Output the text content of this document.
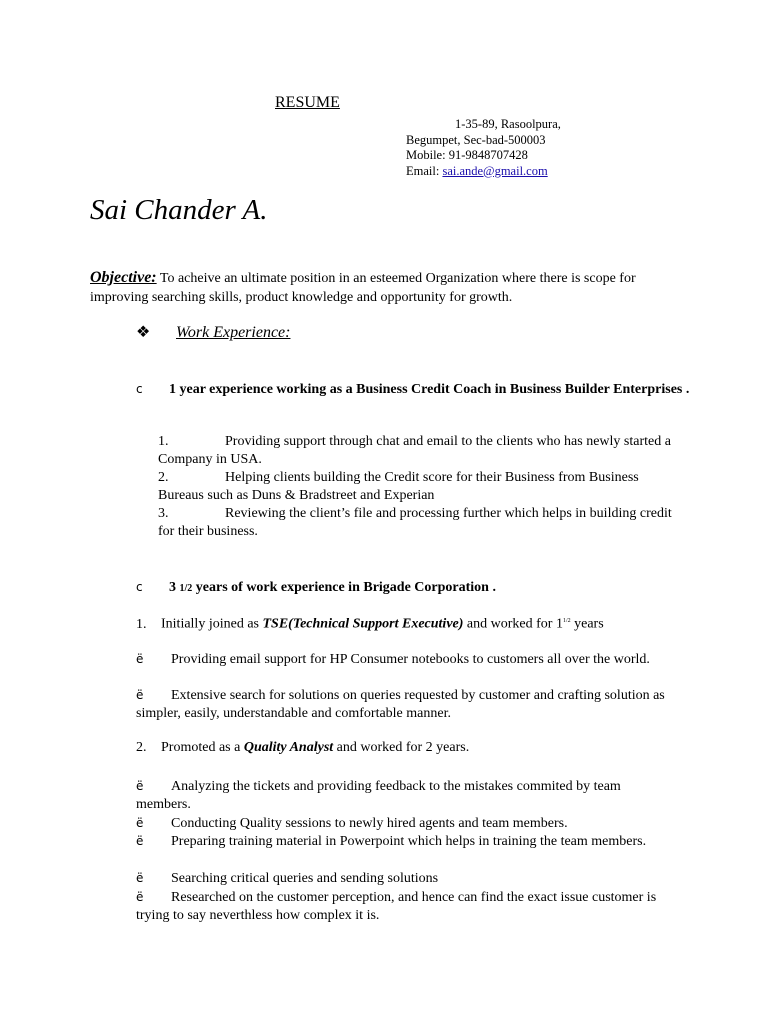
RESUME
1-35-89, Rasoolpura,
Begumpet, Sec-bad-500003
Mobile: 91-9848707428
Email: sai.ande@gmail.com
Sai Chander A.
Objective: To acheive an ultimate position in an esteemed Organization where there is scope for improving searching skills, product knowledge and opportunity for growth.
❖ Work Experience:
c 1 year experience working as a Business Credit Coach in Business Builder Enterprises .
1.	Providing support through chat and email to the clients who has newly started a Company in USA.
2.	Helping clients building the Credit score for their Business from Business Bureaus such as Duns & Bradstreet and Experian
3.	Reviewing the client’s file and processing further which helps in building credit for their business.
c 3 1/2 years of work experience in Brigade Corporation .
1. Initially joined as TSE(Technical Support Executive) and worked for $1^{1/2}$ years
ë Providing email support for HP Consumer notebooks to customers all over the world.
ë Extensive search for solutions on queries requested by customer and crafting solution as simpler, easily, understandable and comfortable manner.
2. Promoted as a Quality Analyst and worked for 2 years.
ë Analyzing the tickets and providing feedback to the mistakes commited by team members.
ë Conducting Quality sessions to newly hired agents and team members.
ë Preparing training material in Powerpoint which helps in training the team members.
ë Searching critical queries and sending solutions
ë Researched on the customer perception, and hence can find the exact issue customer is trying to say neverthless how complex it is.
